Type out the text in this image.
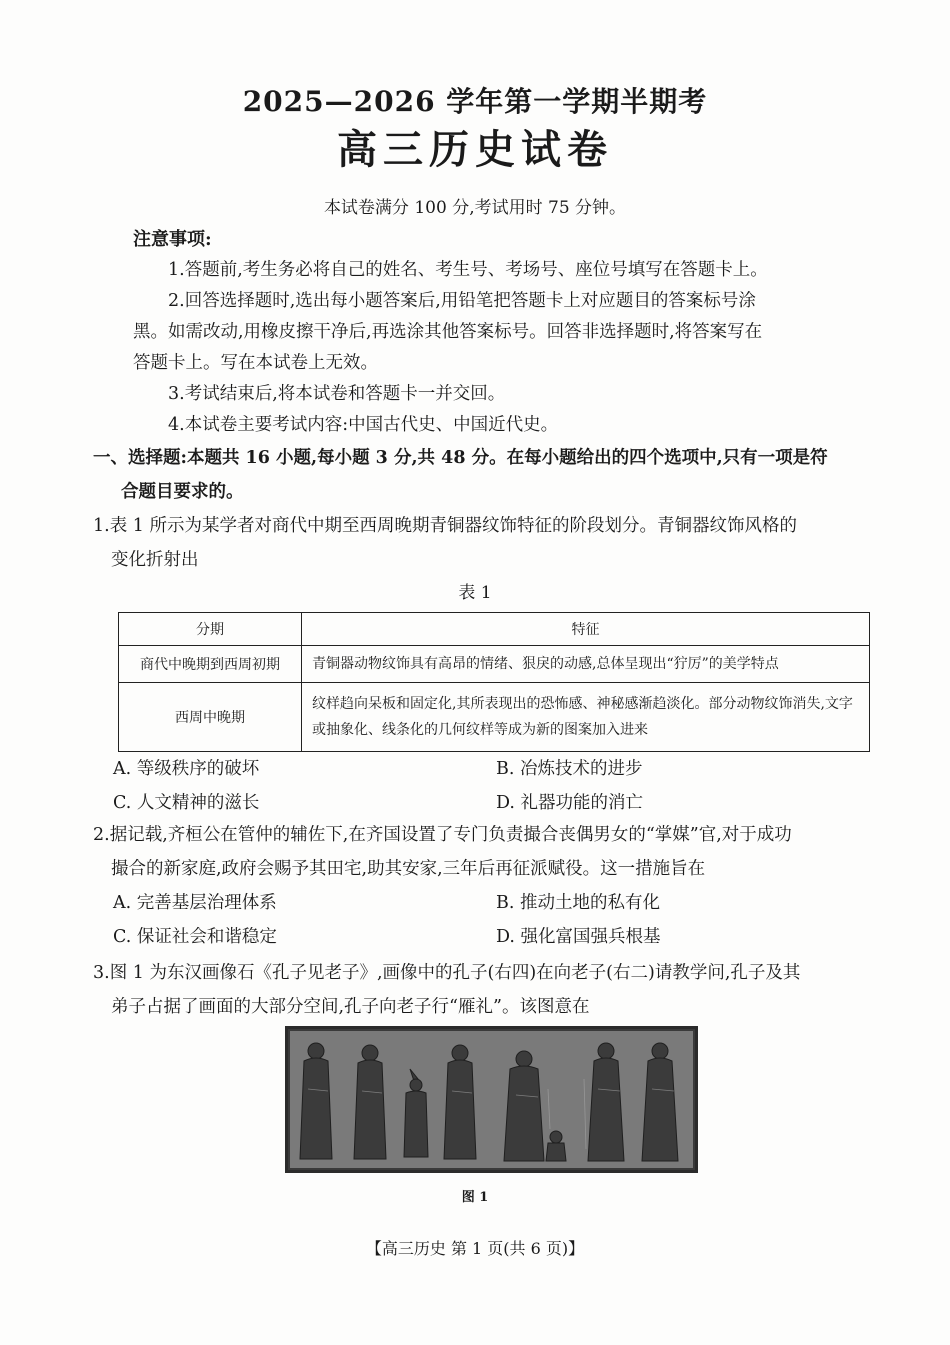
2025—2026 学年第一学期半期考
高三历史试卷
本试卷满分 100 分,考试用时 75 分钟。

注意事项:

1.答题前,考生务必将自己的姓名、考生号、考场号、座位号填写在答题卡上。

2.回答选择题时,选出每小题答案后,用铅笔把答题卡上对应题目的答案标号涂

黑。如需改动,用橡皮擦干净后,再选涂其他答案标号。回答非选择题时,将答案写在

答题卡上。写在本试卷上无效。

3.考试结束后,将本试卷和答题卡一并交回。

4.本试卷主要考试内容:中国古代史、中国近代史。

一、选择题:本题共 16 小题,每小题 3 分,共 48 分。在每小题给出的四个选项中,只有一项是符
合题目要求的。
1.表 1 所示为某学者对商代中期至西周晚期青铜器纹饰特征的阶段划分。青铜器纹饰风格的
变化折射出
表 1
分期	特征
商代中晚期到西周初期	青铜器动物纹饰具有高昂的情绪、狠戾的动感,总体呈现出“狞厉”的美学特点
西周中晚期	纹样趋向呆板和固定化,其所表现出的恐怖感、神秘感渐趋淡化。部分动物纹饰消失,文字或抽象化、线条化的几何纹样等成为新的图案加入进来
A. 等级秩序的破坏	B. 冶炼技术的进步
C. 人文精神的滋长	D. 礼器功能的消亡
2.据记载,齐桓公在管仲的辅佐下,在齐国设置了专门负责撮合丧偶男女的“掌媒”官,对于成功
撮合的新家庭,政府会赐予其田宅,助其安家,三年后再征派赋役。这一措施旨在
A. 完善基层治理体系	B. 推动土地的私有化
C. 保证社会和谐稳定	D. 强化富国强兵根基
3.图 1 为东汉画像石《孔子见老子》,画像中的孔子(右四)在向老子(右二)请教学问,孔子及其
弟子占据了画面的大部分空间,孔子向老子行“雁礼”。该图意在
图 1
【高三历史 第 1 页(共 6 页)】
